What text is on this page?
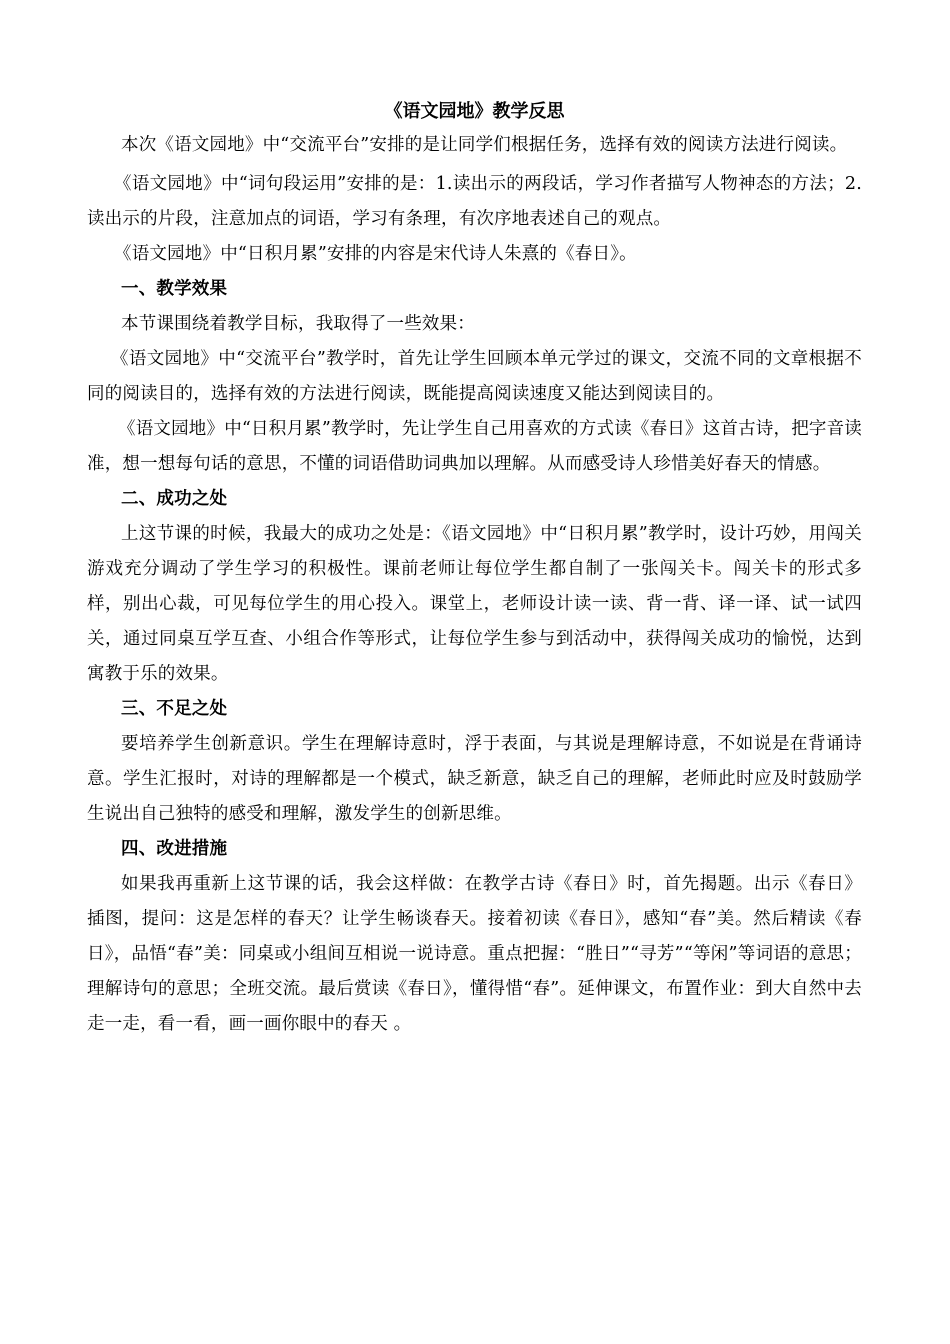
《语文园地》教学反思

本次《语文园地》中“交流平台”安排的是让同学们根据任务，选择有效的阅读方法进行阅读。

《语文园地》中“词句段运用”安排的是：1.读出示的两段话，学习作者描写人物神态的方法；2.读出示的片段，注意加点的词语，学习有条理，有次序地表述自己的观点。

《语文园地》中“日积月累”安排的内容是宋代诗人朱熹的《春日》。

一、教学效果

本节课围绕着教学目标，我取得了一些效果：

《语文园地》中“交流平台”教学时，首先让学生回顾本单元学过的课文，交流不同的文章根据不同的阅读目的，选择有效的方法进行阅读，既能提高阅读速度又能达到阅读目的。

《语文园地》中“日积月累”教学时，先让学生自己用喜欢的方式读《春日》这首古诗，把字音读准，想一想每句话的意思，不懂的词语借助词典加以理解。从而感受诗人珍惜美好春天的情感。

二、成功之处

上这节课的时候，我最大的成功之处是：《语文园地》中“日积月累”教学时，设计巧妙，用闯关游戏充分调动了学生学习的积极性。课前老师让每位学生都自制了一张闯关卡。闯关卡的形式多样，别出心裁，可见每位学生的用心投入。课堂上，老师设计读一读、背一背、译一译、试一试四关，通过同桌互学互查、小组合作等形式，让每位学生参与到活动中，获得闯关成功的愉悦，达到寓教于乐的效果。

三、不足之处

要培养学生创新意识。学生在理解诗意时，浮于表面，与其说是理解诗意，不如说是在背诵诗意。学生汇报时，对诗的理解都是一个模式，缺乏新意，缺乏自己的理解，老师此时应及时鼓励学生说出自己独特的感受和理解，激发学生的创新思维。

四、改进措施

如果我再重新上这节课的话，我会这样做：在教学古诗《春日》时，首先揭题。出示《春日》插图，提问：这是怎样的春天？让学生畅谈春天。接着初读《春日》，感知“春”美。然后精读《春日》，品悟“春”美：同桌或小组间互相说一说诗意。重点把握：“胜日”“寻芳”“等闲”等词语的意思；理解诗句的意思；全班交流。最后赏读《春日》，懂得惜“春”。延伸课文，布置作业：到大自然中去走一走，看一看，画一画你眼中的春天 。
